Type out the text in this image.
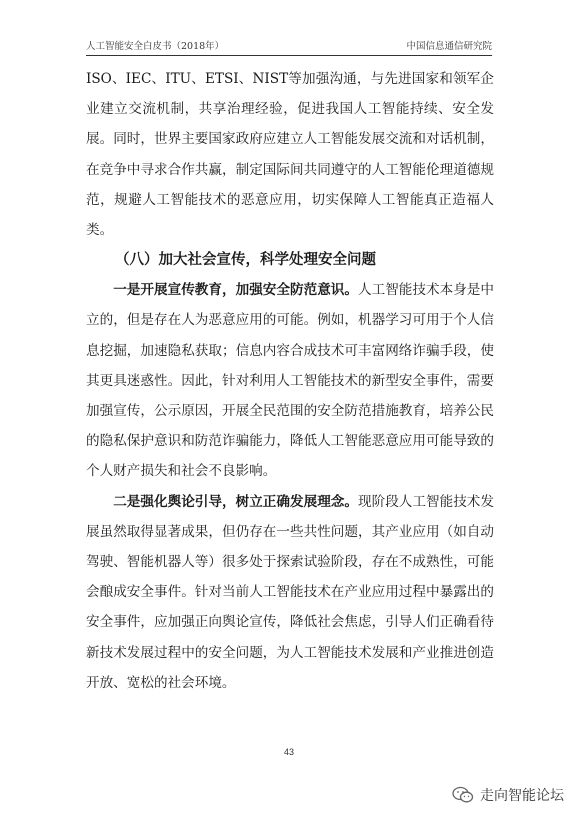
人工智能安全白皮书（2018年）	中国信息通信研究院

ISO、IEC、ITU、ETSI、NIST等加强沟通，与先进国家和领军企业建立交流机制，共享治理经验，促进我国人工智能持续、安全发展。同时，世界主要国家政府应建立人工智能发展交流和对话机制，在竞争中寻求合作共赢，制定国际间共同遵守的人工智能伦理道德规范，规避人工智能技术的恶意应用，切实保障人工智能真正造福人类。

（八）加大社会宣传，科学处理安全问题

一是开展宣传教育，加强安全防范意识。人工智能技术本身是中立的，但是存在人为恶意应用的可能。例如，机器学习可用于个人信息挖掘，加速隐私获取；信息内容合成技术可丰富网络诈骗手段，使其更具迷惑性。因此，针对利用人工智能技术的新型安全事件，需要加强宣传，公示原因，开展全民范围的安全防范措施教育，培养公民的隐私保护意识和防范诈骗能力，降低人工智能恶意应用可能导致的个人财产损失和社会不良影响。

二是强化舆论引导，树立正确发展理念。现阶段人工智能技术发展虽然取得显著成果，但仍存在一些共性问题，其产业应用（如自动驾驶、智能机器人等）很多处于探索试验阶段，存在不成熟性，可能会酿成安全事件。针对当前人工智能技术在产业应用过程中暴露出的安全事件，应加强正向舆论宣传，降低社会焦虑，引导人们正确看待新技术发展过程中的安全问题，为人工智能技术发展和产业推进创造开放、宽松的社会环境。

43
走向智能论坛
